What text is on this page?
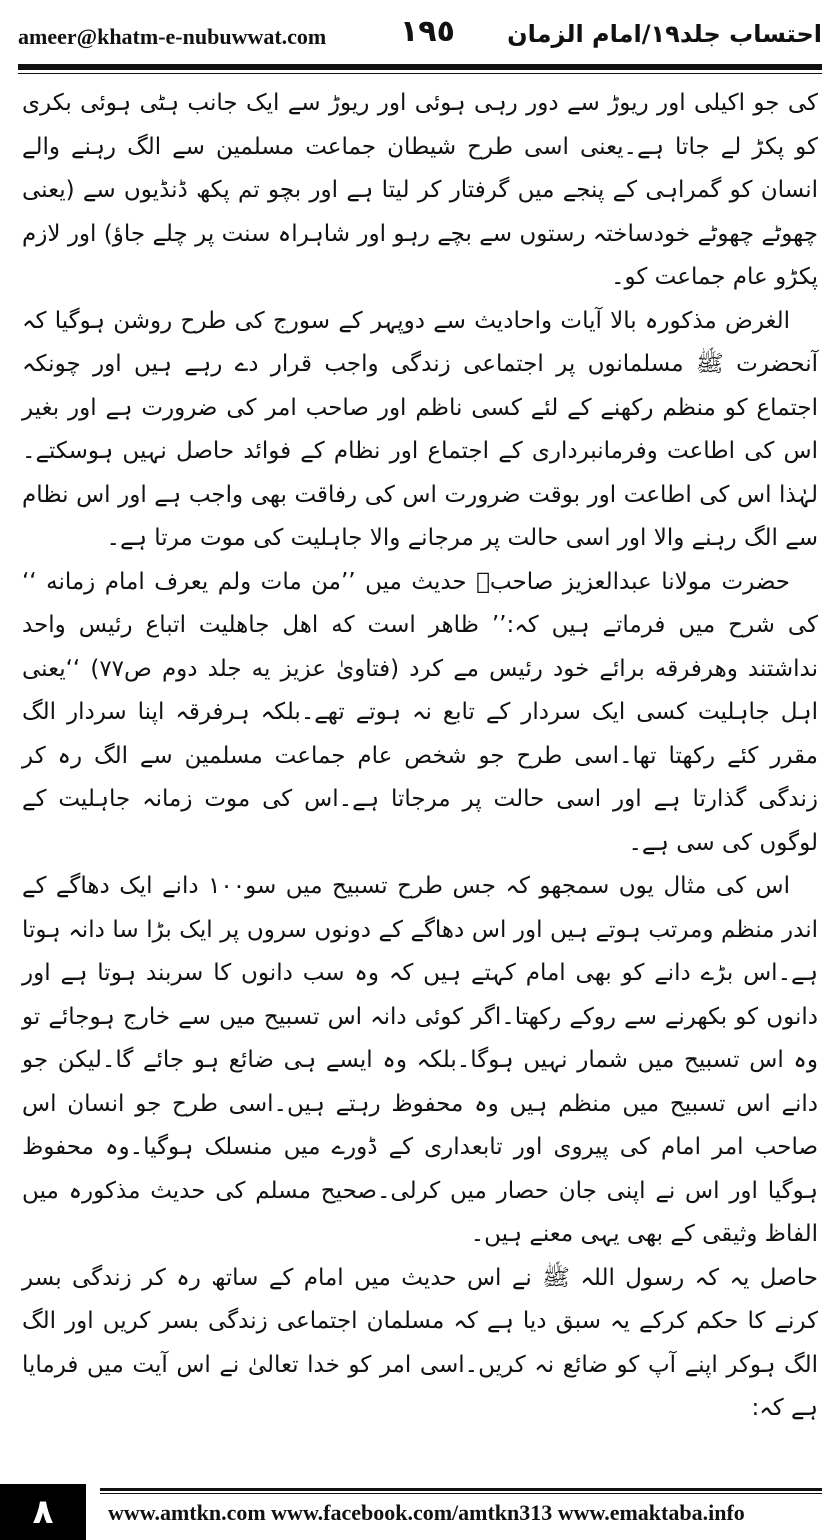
ameer@khatm-e-nubuwwat.com ١٩٥ احتساب جلد۱۹/امام الزمان

کی جو اکیلی اور ریوڑ سے دور رہی ہوئی اور ریوڑ سے ایک جانب ہٹی ہوئی بکری کو پکڑ لے جاتا ہے۔یعنی اسی طرح شیطان جماعت مسلمین سے الگ رہنے والے انسان کو گمراہی کے پنجے میں گرفتار کر لیتا ہے اور بچو تم پکھ ڈنڈیوں سے (یعنی چھوٹے چھوٹے خودساختہ رستوں سے بچے رہو اور شاہراہ سنت پر چلے جاؤ) اور لازم پکڑو عام جماعت کو۔

الغرض مذکورہ بالا آیات واحادیث سے دوپہر کے سورج کی طرح روشن ہوگیا کہ آنحضرت ﷺ مسلمانوں پر اجتماعی زندگی واجب قرار دے رہے ہیں اور چونکہ اجتماع کو منظم رکھنے کے لئے کسی ناظم اور صاحب امر کی ضرورت ہے اور بغیر اس کی اطاعت وفرمانبرداری کے اجتماع اور نظام کے فوائد حاصل نہیں ہوسکتے۔لہٰذا اس کی اطاعت اور بوقت ضرورت اس کی رفاقت بھی واجب ہے اور اس نظام سے الگ رہنے والا اور اسی حالت پر مرجانے والا جاہلیت کی موت مرتا ہے۔

حضرت مولانا عبدالعزیز صاحبؒ حدیث میں ’’من مات ولم یعرف امام زمانه ‘‘ کی شرح میں فرماتے ہیں کہ:’’ ظاهر است كه اهل جاهليت اتباع رئيس واحد نداشتند وهرفرقه برائے خود رئيس مے كرد (فتاوىٰ عزيز يه جلد دوم ص۷۷) ‘‘یعنی اہل جاہلیت کسی ایک سردار کے تابع نہ ہوتے تھے۔بلکہ ہرفرقہ اپنا سردار الگ مقرر کئے رکھتا تھا۔اسی طرح جو شخص عام جماعت مسلمین سے الگ رہ کر زندگی گذارتا ہے اور اسی حالت پر مرجاتا ہے۔اس کی موت زمانہ جاہلیت کے لوگوں کی سی ہے۔

اس کی مثال یوں سمجھو کہ جس طرح تسبیح میں سو۱۰۰ دانے ایک دھاگے کے اندر منظم ومرتب ہوتے ہیں اور اس دھاگے کے دونوں سروں پر ایک بڑا سا دانہ ہوتا ہے۔اس بڑے دانے کو بھی امام کہتے ہیں کہ وہ سب دانوں کا سربند ہوتا ہے اور دانوں کو بکھرنے سے روکے رکھتا۔اگر کوئی دانہ اس تسبیح میں سے خارج ہوجائے تو وہ اس تسبیح میں شمار نہیں ہوگا۔بلکہ وہ ایسے ہی ضائع ہو جائے گا۔لیکن جو دانے اس تسبیح میں منظم ہیں وہ محفوظ رہتے ہیں۔اسی طرح جو انسان اس صاحب امر امام کی پیروی اور تابعداری کے ڈورے میں منسلک ہوگیا۔وہ محفوظ ہوگیا اور اس نے اپنی جان حصار میں کرلی۔صحیح مسلم کی حدیث مذکورہ میں الفاظ وثیقی کے بھی یہی معنے ہیں۔

حاصل یہ کہ رسول اللہ ﷺ نے اس حدیث میں امام کے ساتھ رہ کر زندگی بسر کرنے کا حکم کرکے یہ سبق دیا ہے کہ مسلمان اجتماعی زندگی بسر کریں اور الگ الگ ہوکر اپنے آپ کو ضائع نہ کریں۔اسی امر کو خدا تعالیٰ نے اس آیت میں فرمایا ہے کہ:

٨	www.amtkn.com www.facebook.com/amtkn313 www.emaktaba.info
